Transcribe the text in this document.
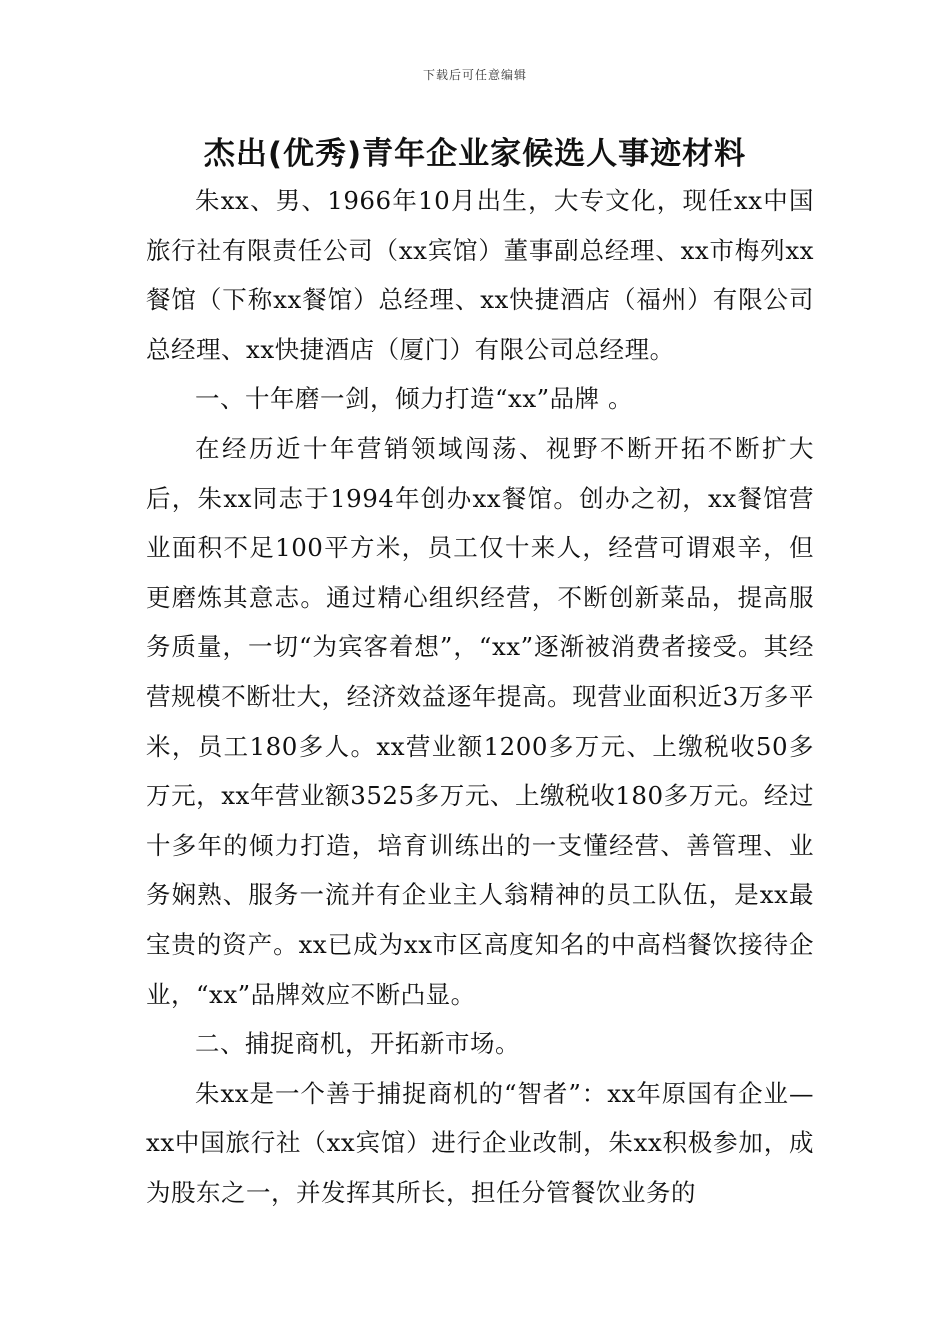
下载后可任意编辑
杰出(优秀)青年企业家候选人事迹材料

朱xx、男、1966年10月出生，大专文化，现任xx中国旅行社有限责任公司（xx宾馆）董事副总经理、xx市梅列xx餐馆（下称xx餐馆）总经理、xx快捷酒店（福州）有限公司总经理、xx快捷酒店（厦门）有限公司总经理。

一、十年磨一剑，倾力打造“xx”品牌 。

在经历近十年营销领域闯荡、视野不断开拓不断扩大后，朱xx同志于1994年创办xx餐馆。创办之初，xx餐馆营业面积不足100平方米，员工仅十来人，经营可谓艰辛，但更磨炼其意志。通过精心组织经营，不断创新菜品，提高服务质量，一切“为宾客着想”，“xx”逐渐被消费者接受。其经营规模不断壮大，经济效益逐年提高。现营业面积近3万多平米，员工180多人。xx营业额1200多万元、上缴税收50多万元，xx年营业额3525多万元、上缴税收180多万元。经过十多年的倾力打造，培育训练出的一支懂经营、善管理、业务娴熟、服务一流并有企业主人翁精神的员工队伍，是xx最宝贵的资产。xx已成为xx市区高度知名的中高档餐饮接待企业，“xx”品牌效应不断凸显。

二、捕捉商机，开拓新市场。

朱xx是一个善于捕捉商机的“智者”：xx年原国有企业—xx中国旅行社（xx宾馆）进行企业改制，朱xx积极参加，成为股东之一，并发挥其所长，担任分管餐饮业务的
